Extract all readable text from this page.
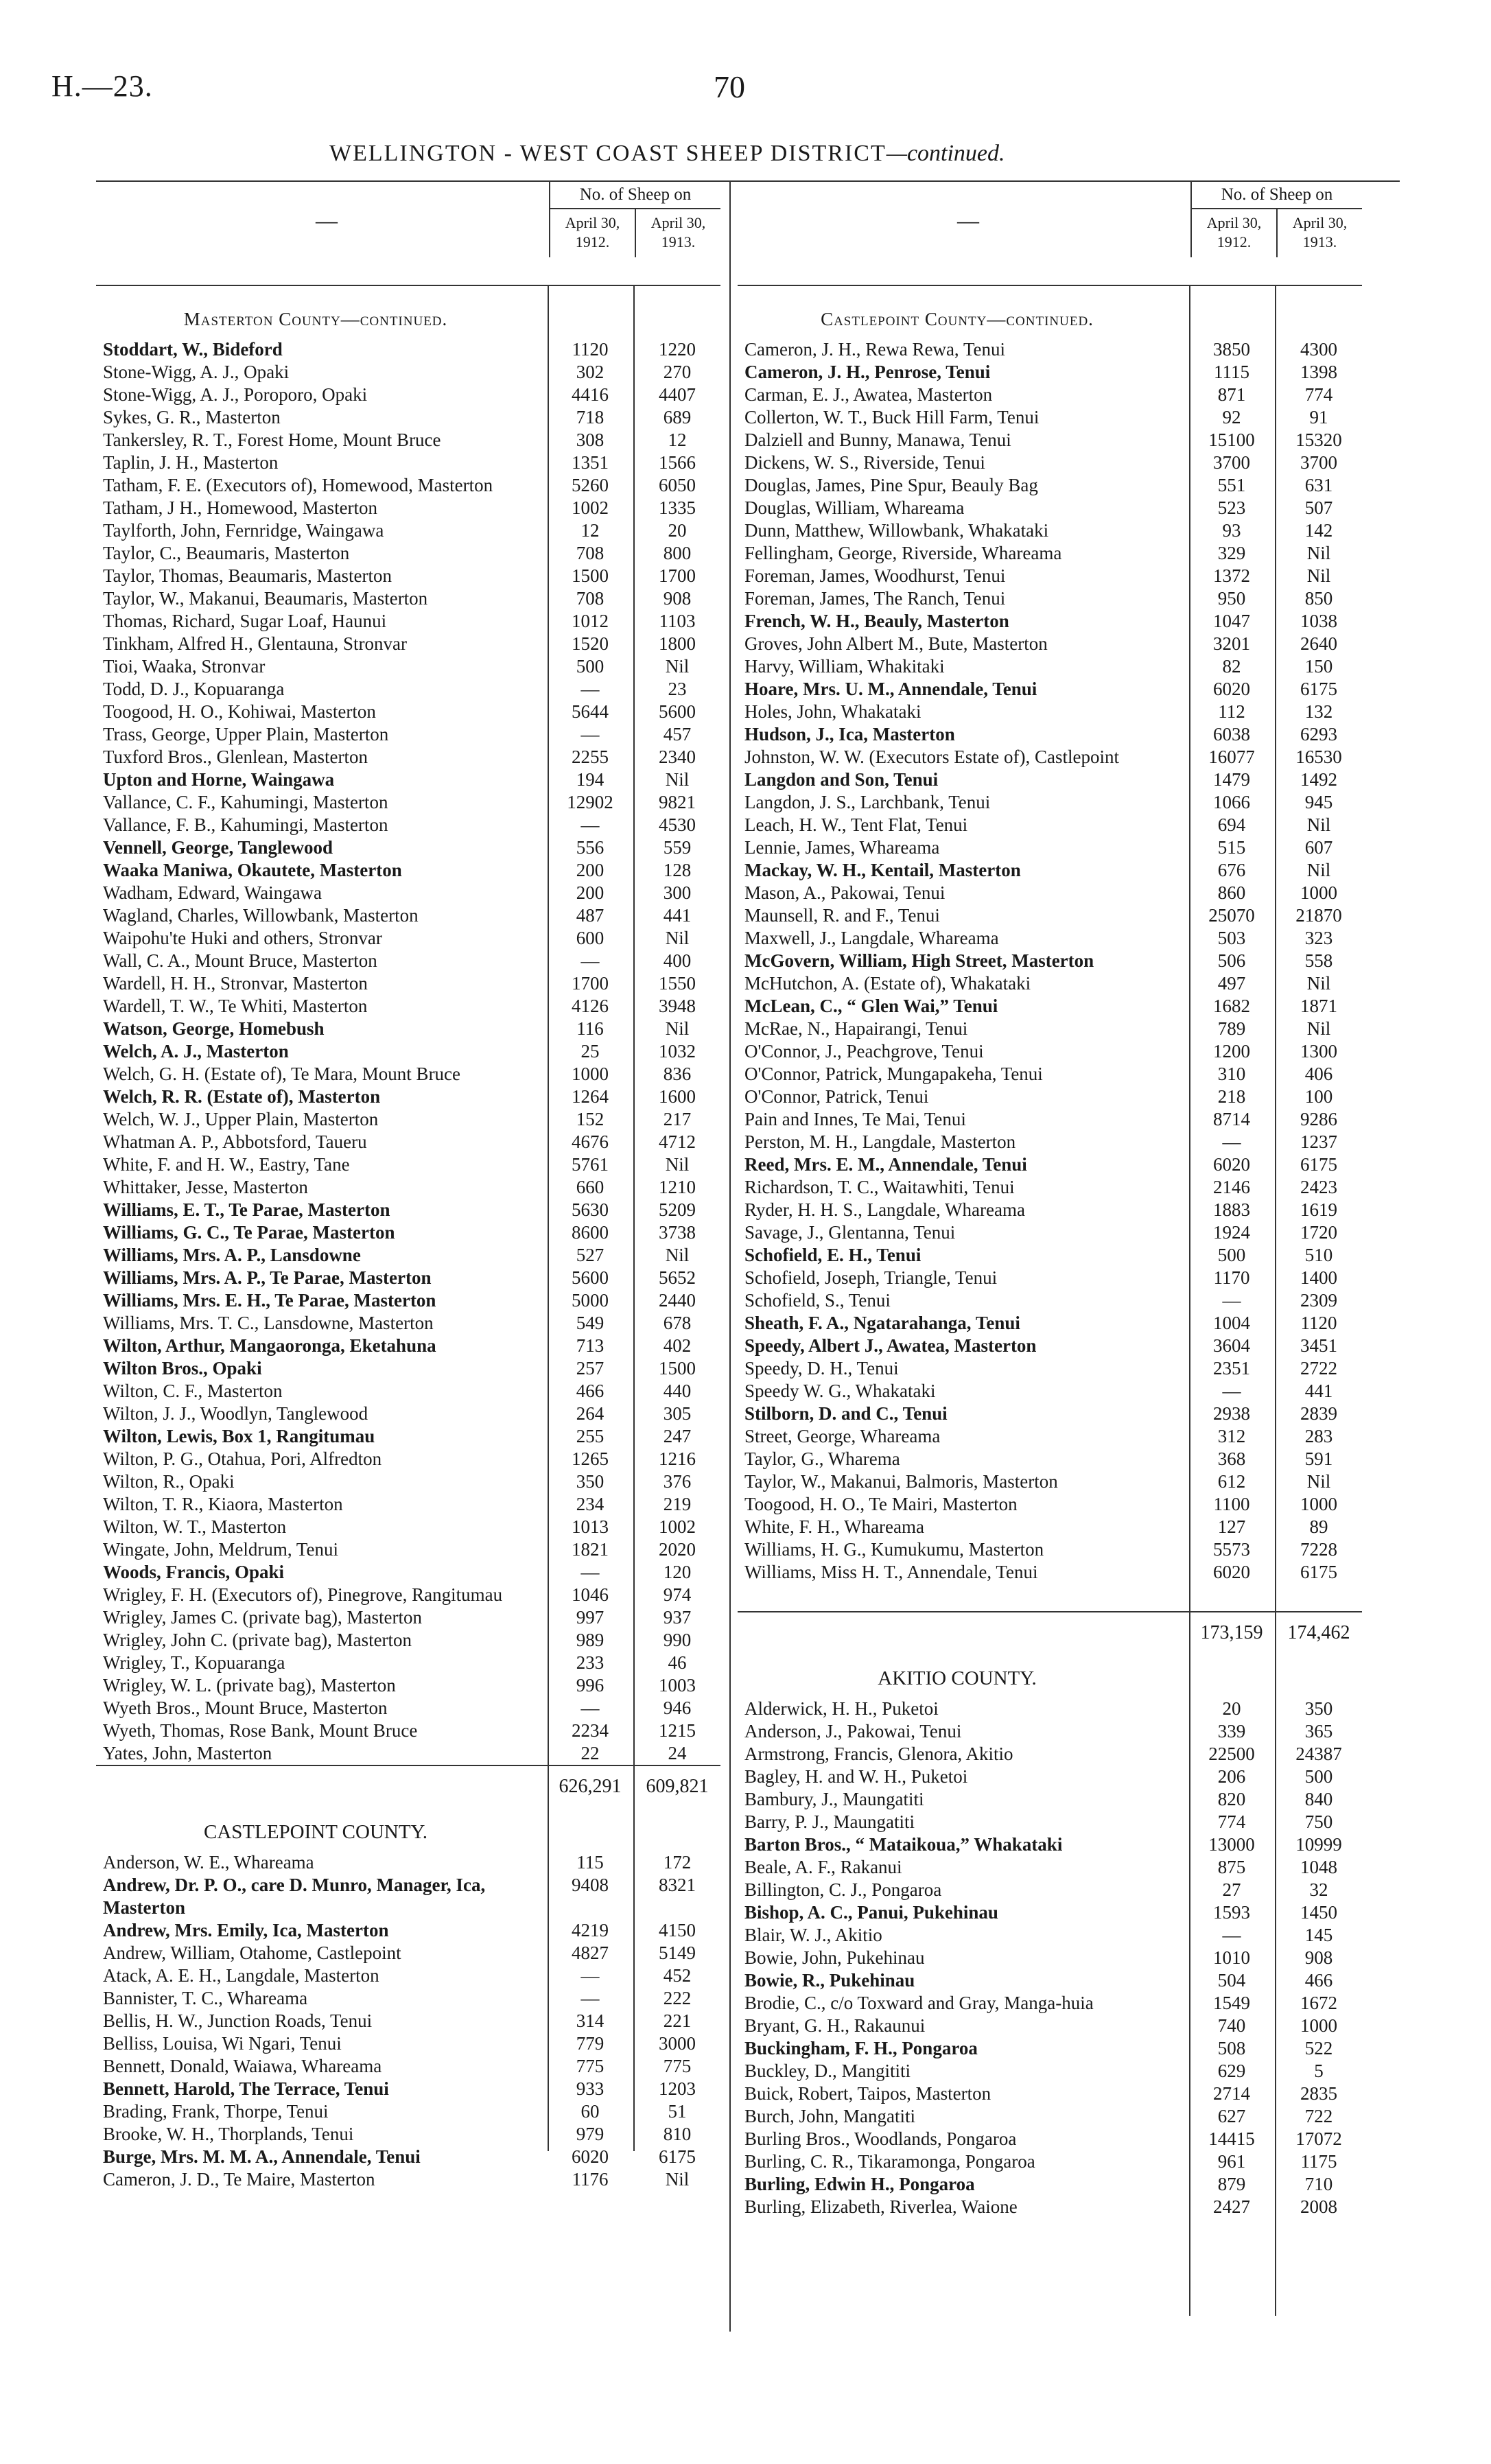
H.—23.	70
WELLINGTON - WEST COAST SHEEP DISTRICT—continued.
—
No. of Sheep on
April 30, 1912.
April 30, 1913.
Masterton County—continued.
Stoddart, W., Bideford	1120	1220
Stone-Wigg, A. J., Opaki	302	270
Stone-Wigg, A. J., Poroporo, Opaki	4416	4407
Sykes, G. R., Masterton	718	689
Tankersley, R. T., Forest Home, Mount Bruce	308	12
Taplin, J. H., Masterton	1351	1566
Tatham, F. E. (Executors of), Homewood, Masterton	5260	6050
Tatham, J H., Homewood, Masterton	1002	1335
Taylforth, John, Fernridge, Waingawa	12	20
Taylor, C., Beaumaris, Masterton	708	800
Taylor, Thomas, Beaumaris, Masterton	1500	1700
Taylor, W., Makanui, Beaumaris, Masterton	708	908
Thomas, Richard, Sugar Loaf, Haunui	1012	1103
Tinkham, Alfred H., Glentauna, Stronvar	1520	1800
Tioi, Waaka, Stronvar	500	Nil
Todd, D. J., Kopuaranga	—	23
Toogood, H. O., Kohiwai, Masterton	5644	5600
Trass, George, Upper Plain, Masterton	—	457
Tuxford Bros., Glenlean, Masterton	2255	2340
Upton and Horne, Waingawa	194	Nil
Vallance, C. F., Kahumingi, Masterton	12902	9821
Vallance, F. B., Kahumingi, Masterton	—	4530
Vennell, George, Tanglewood	556	559
Waaka Maniwa, Okautete, Masterton	200	128
Wadham, Edward, Waingawa	200	300
Wagland, Charles, Willowbank, Masterton	487	441
Waipohu'te Huki and others, Stronvar	600	Nil
Wall, C. A., Mount Bruce, Masterton	—	400
Wardell, H. H., Stronvar, Masterton	1700	1550
Wardell, T. W., Te Whiti, Masterton	4126	3948
Watson, George, Homebush	116	Nil
Welch, A. J., Masterton	25	1032
Welch, G. H. (Estate of), Te Mara, Mount Bruce	1000	836
Welch, R. R. (Estate of), Masterton	1264	1600
Welch, W. J., Upper Plain, Masterton	152	217
Whatman A. P., Abbotsford, Taueru	4676	4712
White, F. and H. W., Eastry, Tane	5761	Nil
Whittaker, Jesse, Masterton	660	1210
Williams, E. T., Te Parae, Masterton	5630	5209
Williams, G. C., Te Parae, Masterton	8600	3738
Williams, Mrs. A. P., Lansdowne	527	Nil
Williams, Mrs. A. P., Te Parae, Masterton	5600	5652
Williams, Mrs. E. H., Te Parae, Masterton	5000	2440
Williams, Mrs. T. C., Lansdowne, Masterton	549	678
Wilton, Arthur, Mangaoronga, Eketahuna	713	402
Wilton Bros., Opaki	257	1500
Wilton, C. F., Masterton	466	440
Wilton, J. J., Woodlyn, Tanglewood	264	305
Wilton, Lewis, Box 1, Rangitumau	255	247
Wilton, P. G., Otahua, Pori, Alfredton	1265	1216
Wilton, R., Opaki	350	376
Wilton, T. R., Kiaora, Masterton	234	219
Wilton, W. T., Masterton	1013	1002
Wingate, John, Meldrum, Tenui	1821	2020
Woods, Francis, Opaki	—	120
Wrigley, F. H. (Executors of), Pinegrove, Rangitumau	1046	974
Wrigley, James C. (private bag), Masterton	997	937
Wrigley, John C. (private bag), Masterton	989	990
Wrigley, T., Kopuaranga	233	46
Wrigley, W. L. (private bag), Masterton	996	1003
Wyeth Bros., Mount Bruce, Masterton	—	946
Wyeth, Thomas, Rose Bank, Mount Bruce	2234	1215
Yates, John, Masterton	22	24
626,291	609,821
CASTLEPOINT COUNTY.
Anderson, W. E., Whareama	115	172
Andrew, Dr. P. O., care D. Munro, Manager, Ica, Masterton
9408	8321
Andrew, Mrs. Emily, Ica, Masterton	4219	4150
Andrew, William, Otahome, Castlepoint	4827	5149
Atack, A. E. H., Langdale, Masterton	—	452
Bannister, T. C., Whareama	—	222
Bellis, H. W., Junction Roads, Tenui	314	221
Belliss, Louisa, Wi Ngari, Tenui	779	3000
Bennett, Donald, Waiawa, Whareama	775	775
Bennett, Harold, The Terrace, Tenui	933	1203
Brading, Frank, Thorpe, Tenui	60	51
Brooke, W. H., Thorplands, Tenui	979	810
Burge, Mrs. M. M. A., Annendale, Tenui	6020	6175
Cameron, J. D., Te Maire, Masterton	1176	Nil
—
No. of Sheep on
April 30, 1912.
April 30, 1913.
Castlepoint County—continued.
Cameron, J. H., Rewa Rewa, Tenui	3850	4300
Cameron, J. H., Penrose, Tenui	1115	1398
Carman, E. J., Awatea, Masterton	871	774
Collerton, W. T., Buck Hill Farm, Tenui	92	91
Dalziell and Bunny, Manawa, Tenui	15100	15320
Dickens, W. S., Riverside, Tenui	3700	3700
Douglas, James, Pine Spur, Beauly Bag	551	631
Douglas, William, Whareama	523	507
Dunn, Matthew, Willowbank, Whakataki	93	142
Fellingham, George, Riverside, Whareama	329	Nil
Foreman, James, Woodhurst, Tenui	1372	Nil
Foreman, James, The Ranch, Tenui	950	850
French, W. H., Beauly, Masterton	1047	1038
Groves, John Albert M., Bute, Masterton	3201	2640
Harvy, William, Whakitaki	82	150
Hoare, Mrs. U. M., Annendale, Tenui	6020	6175
Holes, John, Whakataki	112	132
Hudson, J., Ica, Masterton	6038	6293
Johnston, W. W. (Executors Estate of), Castlepoint	16077	16530
Langdon and Son, Tenui	1479	1492
Langdon, J. S., Larchbank, Tenui	1066	945
Leach, H. W., Tent Flat, Tenui	694	Nil
Lennie, James, Whareama	515	607
Mackay, W. H., Kentail, Masterton	676	Nil
Mason, A., Pakowai, Tenui	860	1000
Maunsell, R. and F., Tenui	25070	21870
Maxwell, J., Langdale, Whareama	503	323
McGovern, William, High Street, Masterton	506	558
McHutchon, A. (Estate of), Whakataki	497	Nil
McLean, C., “ Glen Wai,” Tenui	1682	1871
McRae, N., Hapairangi, Tenui	789	Nil
O'Connor, J., Peachgrove, Tenui	1200	1300
O'Connor, Patrick, Mungapakeha, Tenui	310	406
O'Connor, Patrick, Tenui	218	100
Pain and Innes, Te Mai, Tenui	8714	9286
Perston, M. H., Langdale, Masterton	—	1237
Reed, Mrs. E. M., Annendale, Tenui	6020	6175
Richardson, T. C., Waitawhiti, Tenui	2146	2423
Ryder, H. H. S., Langdale, Whareama	1883	1619
Savage, J., Glentanna, Tenui	1924	1720
Schofield, E. H., Tenui	500	510
Schofield, Joseph, Triangle, Tenui	1170	1400
Schofield, S., Tenui	—	2309
Sheath, F. A., Ngatarahanga, Tenui	1004	1120
Speedy, Albert J., Awatea, Masterton	3604	3451
Speedy, D. H., Tenui	2351	2722
Speedy W. G., Whakataki	—	441
Stilborn, D. and C., Tenui	2938	2839
Street, George, Whareama	312	283
Taylor, G., Wharema	368	591
Taylor, W., Makanui, Balmoris, Masterton	612	Nil
Toogood, H. O., Te Mairi, Masterton	1100	1000
White, F. H., Whareama	127	89
Williams, H. G., Kumukumu, Masterton	5573	7228
Williams, Miss H. T., Annendale, Tenui	6020	6175
173,159	174,462
AKITIO COUNTY.
Alderwick, H. H., Puketoi	20	350
Anderson, J., Pakowai, Tenui	339	365
Armstrong, Francis, Glenora, Akitio	22500	24387
Bagley, H. and W. H., Puketoi	206	500
Bambury, J., Maungatiti	820	840
Barry, P. J., Maungatiti	774	750
Barton Bros., “ Mataikoua,” Whakataki	13000	10999
Beale, A. F., Rakanui	875	1048
Billington, C. J., Pongaroa	27	32
Bishop, A. C., Panui, Pukehinau	1593	1450
Blair, W. J., Akitio	—	145
Bowie, John, Pukehinau	1010	908
Bowie, R., Pukehinau	504	466
Brodie, C., c/o Toxward and Gray, Manga-huia	1549	1672
Bryant, G. H., Rakaunui	740	1000
Buckingham, F. H., Pongaroa	508	522
Buckley, D., Mangititi	629	5
Buick, Robert, Taipos, Masterton	2714	2835
Burch, John, Mangatiti	627	722
Burling Bros., Woodlands, Pongaroa	14415	17072
Burling, C. R., Tikaramonga, Pongaroa	961	1175
Burling, Edwin H., Pongaroa	879	710
Burling, Elizabeth, Riverlea, Waione	2427	2008
